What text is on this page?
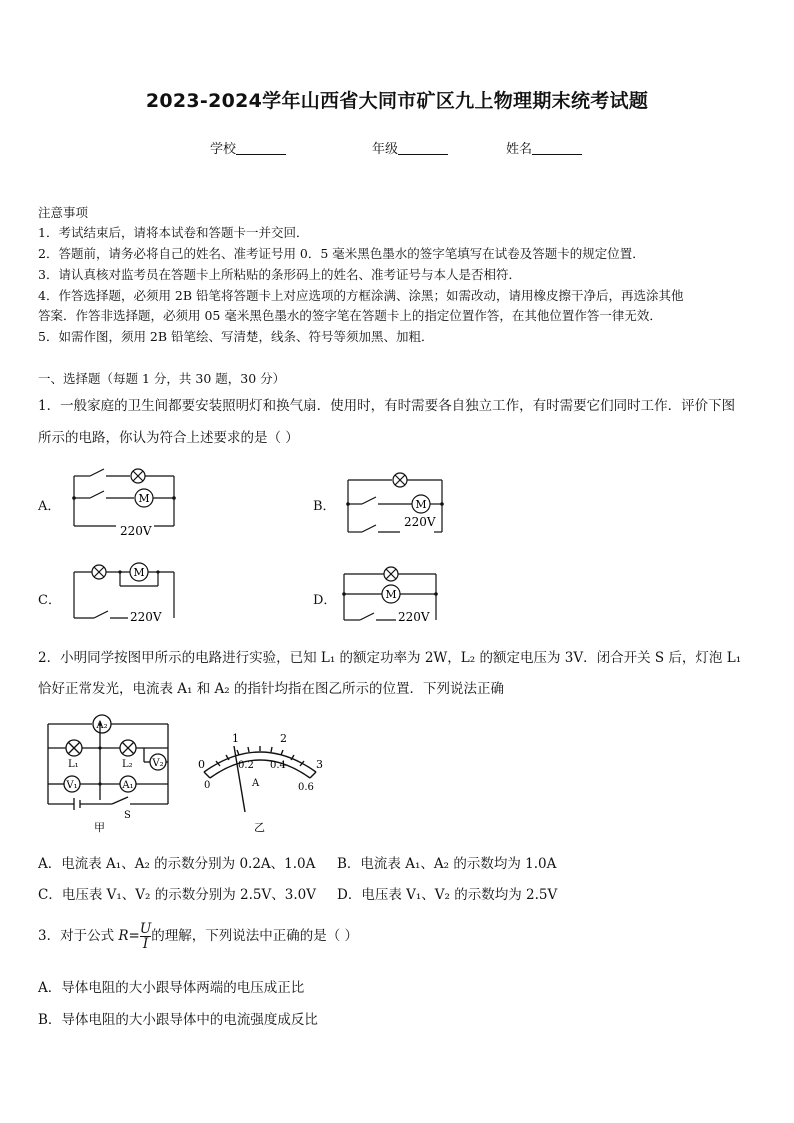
2023-2024学年山西省大同市矿区九上物理期末统考试题
学校	年级	姓名
注意事项
1．考试结束后，请将本试卷和答题卡一并交回．
2．答题前，请务必将自己的姓名、准考证号用 0．5 毫米黑色墨水的签字笔填写在试卷及答题卡的规定位置．
3．请认真核对监考员在答题卡上所粘贴的条形码上的姓名、准考证号与本人是否相符．
4．作答选择题，必须用 2B 铅笔将答题卡上对应选项的方框涂满、涂黑；如需改动，请用橡皮擦干净后，再选涂其他
答案．作答非选择题，必须用 05 毫米黑色墨水的签字笔在答题卡上的指定位置作答，在其他位置作答一律无效．
5．如需作图，须用 2B 铅笔绘、写清楚，线条、符号等须加黑、加粗．
一、选择题（每题 1 分，共 30 题，30 分）
1．一般家庭的卫生间都要安装照明灯和换气扇．使用时，有时需要各自独立工作，有时需要它们同时工作．评价下图
所示的电路，你认为符合上述要求的是（ ）
A．	B．
C．	D．
M
220V
M
220V
M
220V
M
220V
2．小明同学按图甲所示的电路进行实验，已知 L₁ 的额定功率为 2W，L₂ 的额定电压为 3V．闭合开关 S 后，灯泡 L₁
恰好正常发光，电流表 A₁ 和 A₂ 的指针均指在图乙所示的位置．下列说法正确
A₂
L₁	L₂ V₂
V₁	A₁
S
甲
0
1	2
3
0
0.2 0.4
0.6
A
乙
A．电流表 A₁、A₂ 的示数分别为 0.2A、1.0A B．电流表 A₁、A₂ 的示数均为 1.0A
C．电压表 V₁、V₂ 的示数分别为 2.5V、3.0V D．电压表 V₁、V₂ 的示数均为 2.5V
3．对于公式 $R= \frac{U}{I}$ 的理解，下列说法中正确的是（ ）
A．导体电阻的大小跟导体两端的电压成正比
B．导体电阻的大小跟导体中的电流强度成反比
